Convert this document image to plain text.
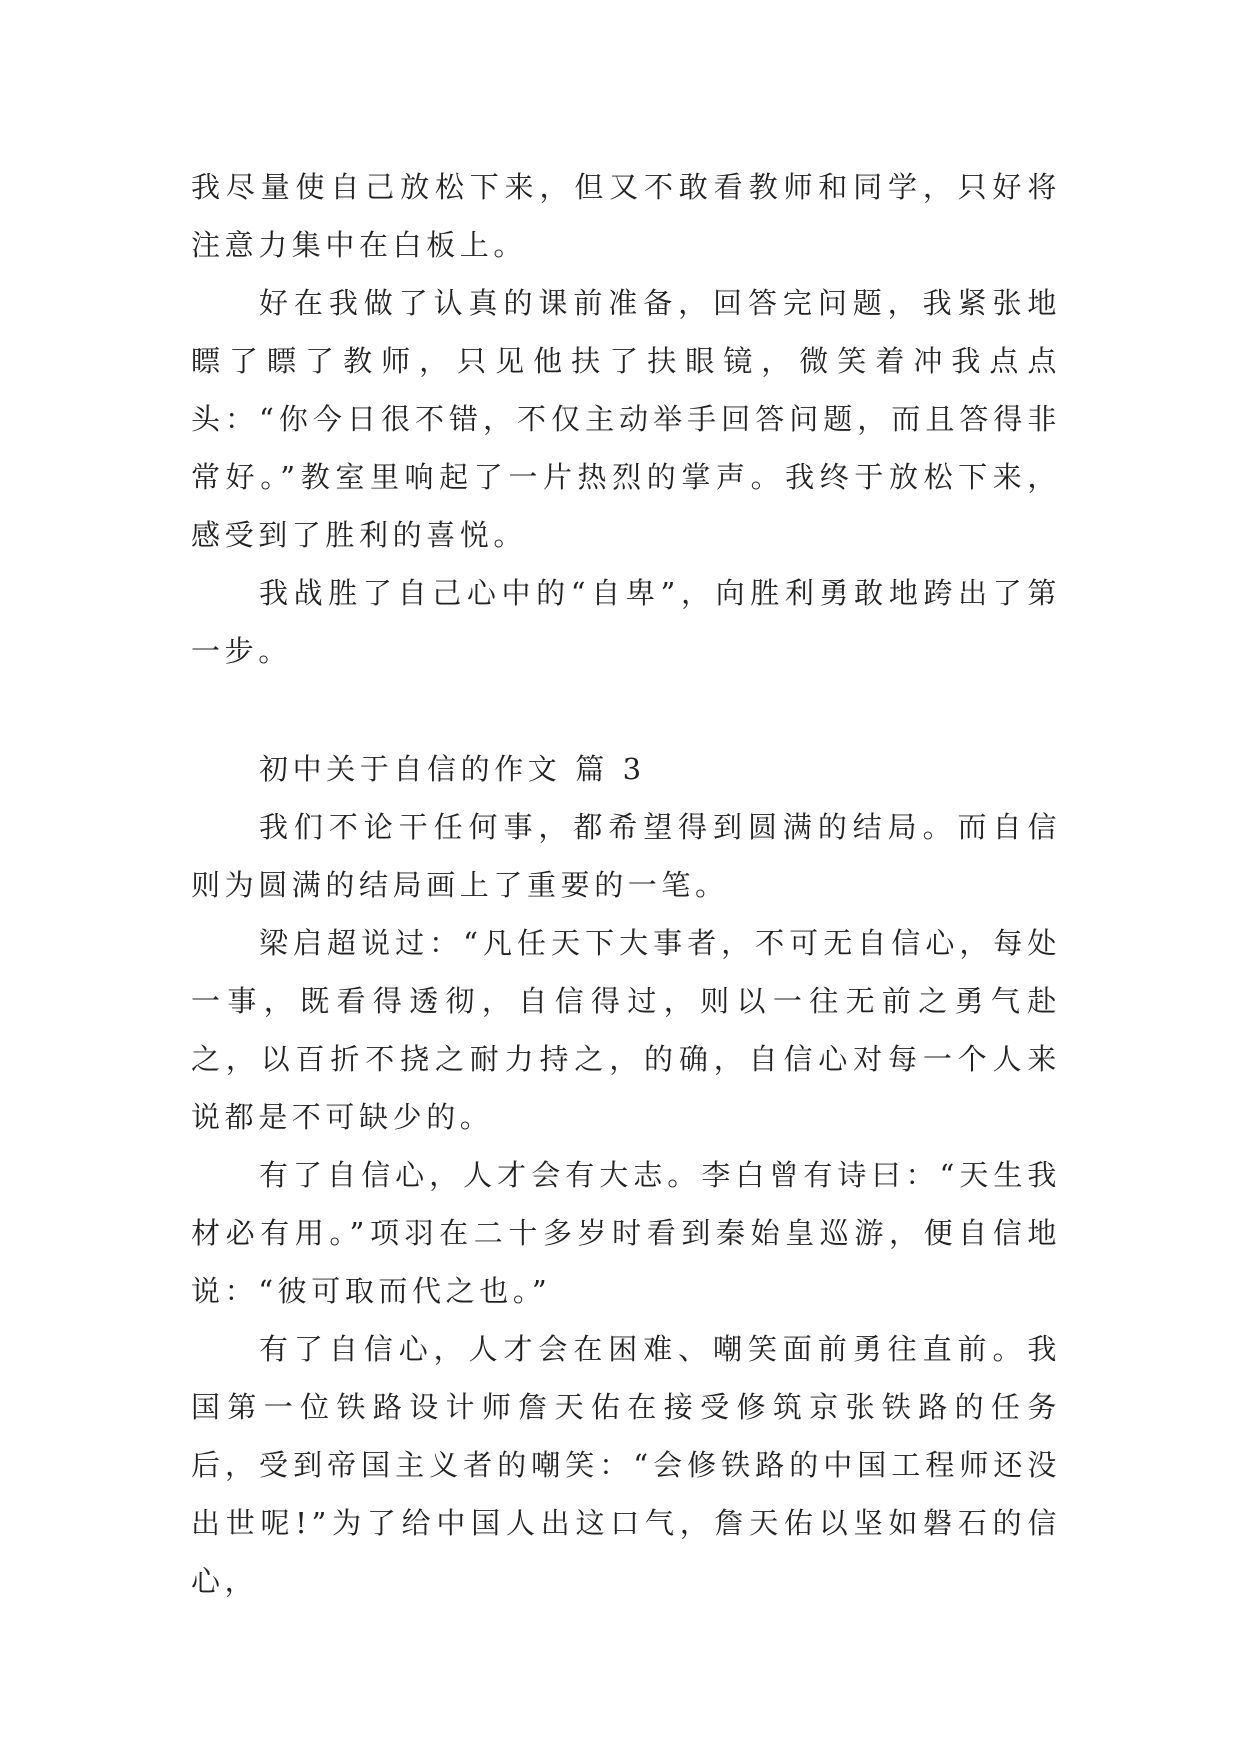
我尽量使自己放松下来，但又不敢看教师和同学，只好将注意力集中在白板上。

好在我做了认真的课前准备，回答完问题，我紧张地瞟了瞟了教师，只见他扶了扶眼镜，微笑着冲我点点头：“你今日很不错，不仅主动举手回答问题，而且答得非常好。”教室里响起了一片热烈的掌声。我终于放松下来，感受到了胜利的喜悦。

我战胜了自己心中的“自卑”，向胜利勇敢地跨出了第一步。

初中关于自信的作文 篇 3

我们不论干任何事，都希望得到圆满的结局。而自信则为圆满的结局画上了重要的一笔。

梁启超说过：“凡任天下大事者，不可无自信心，每处一事，既看得透彻，自信得过，则以一往无前之勇气赴之，以百折不挠之耐力持之，的确，自信心对每一个人来说都是不可缺少的。

有了自信心，人才会有大志。李白曾有诗曰：“天生我材必有用。”项羽在二十多岁时看到秦始皇巡游，便自信地说：“彼可取而代之也。”

有了自信心，人才会在困难、嘲笑面前勇往直前。我国第一位铁路设计师詹天佑在接受修筑京张铁路的任务后，受到帝国主义者的嘲笑：“会修铁路的中国工程师还没出世呢!”为了给中国人出这口气，詹天佑以坚如磐石的信心，
